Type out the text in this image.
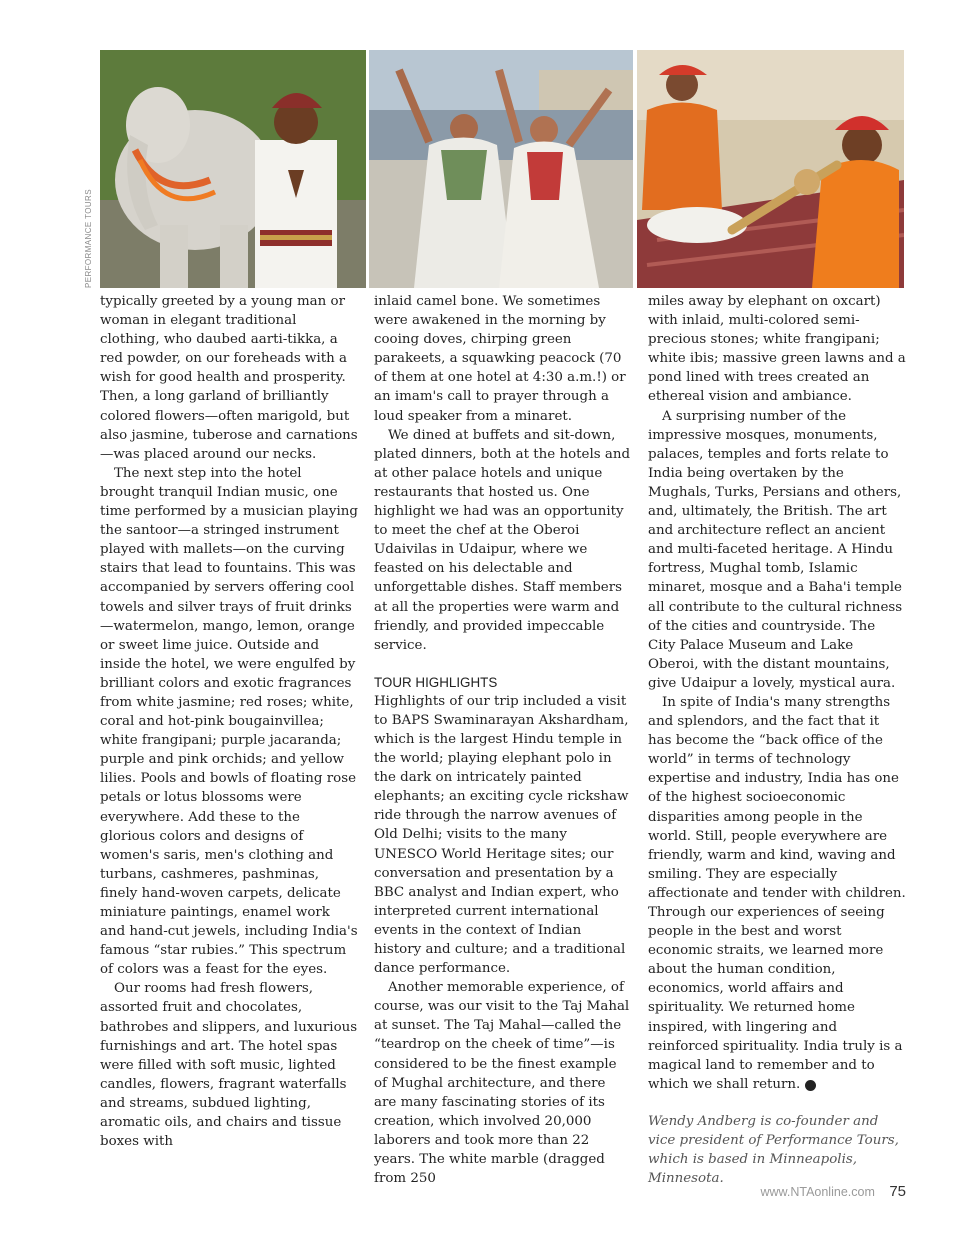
PERFORMANCE TOURS

typically greeted by a young man or woman in elegant traditional clothing, who daubed aarti-tikka, a red powder, on our foreheads with a wish for good health and prosperity. Then, a long garland of brilliantly colored flowers—often marigold, but also jasmine, tuberose and carnations—was placed around our necks.

The next step into the hotel brought tranquil Indian music, one time performed by a musician playing the santoor—a stringed instrument played with mallets—on the curving stairs that lead to fountains. This was accompanied by servers offering cool towels and silver trays of fruit drinks—watermelon, mango, lemon, orange or sweet lime juice. Outside and inside the hotel, we were engulfed by brilliant colors and exotic fragrances from white jasmine; red roses; white, coral and hot-pink bougainvillea; white frangipani; purple jacaranda; purple and pink orchids; and yellow lilies. Pools and bowls of floating rose petals or lotus blossoms were everywhere. Add these to the glorious colors and designs of women's saris, men's clothing and turbans, cashmeres, pashminas, finely hand-woven carpets, delicate miniature paintings, enamel work and hand-cut jewels, including India's famous “star rubies.” This spectrum of colors was a feast for the eyes.

Our rooms had fresh flowers, assorted fruit and chocolates, bathrobes and slippers, and luxurious furnishings and art. The hotel spas were filled with soft music, lighted candles, flowers, fragrant waterfalls and streams, subdued lighting, aromatic oils, and chairs and tissue boxes with

inlaid camel bone. We sometimes were awakened in the morning by cooing doves, chirping green parakeets, a squawking peacock (70 of them at one hotel at 4:30 a.m.!) or an imam's call to prayer through a loud speaker from a minaret.

We dined at buffets and sit-down, plated dinners, both at the hotels and at other palace hotels and unique restaurants that hosted us. One highlight we had was an opportunity to meet the chef at the Oberoi Udaivilas in Udaipur, where we feasted on his delectable and unforgettable dishes. Staff members at all the properties were warm and friendly, and provided impeccable service.

TOUR HIGHLIGHTS

Highlights of our trip included a visit to BAPS Swaminarayan Akshardham, which is the largest Hindu temple in the world; playing elephant polo in the dark on intricately painted elephants; an exciting cycle rickshaw ride through the narrow avenues of Old Delhi; visits to the many UNESCO World Heritage sites; our conversation and presentation by a BBC analyst and Indian expert, who interpreted current international events in the context of Indian history and culture; and a traditional dance performance.

Another memorable experience, of course, was our visit to the Taj Mahal at sunset. The Taj Mahal—called the “teardrop on the cheek of time”—is considered to be the finest example of Mughal architecture, and there are many fascinating stories of its creation, which involved 20,000 laborers and took more than 22 years. The white marble (dragged from 250

miles away by elephant on oxcart) with inlaid, multi-colored semi-precious stones; white frangipani; white ibis; massive green lawns and a pond lined with trees created an ethereal vision and ambiance.

A surprising number of the impressive mosques, monuments, palaces, temples and forts relate to India being overtaken by the Mughals, Turks, Persians and others, and, ultimately, the British. The art and architecture reflect an ancient and multi-faceted heritage. A Hindu fortress, Mughal tomb, Islamic minaret, mosque and a Baha'i temple all contribute to the cultural richness of the cities and countryside. The City Palace Museum and Lake Oberoi, with the distant mountains, give Udaipur a lovely, mystical aura.

In spite of India's many strengths and splendors, and the fact that it has become the “back office of the world” in terms of technology expertise and industry, India has one of the highest socioeconomic disparities among people in the world. Still, people everywhere are friendly, warm and kind, waving and smiling. They are especially affectionate and tender with children. Through our experiences of seeing people in the best and worst economic straits, we learned more about the human condition, economics, world affairs and spirituality. We returned home inspired, with lingering and reinforced spirituality. India truly is a magical land to remember and to which we shall return. C

Wendy Andberg is co-founder and vice president of Performance Tours, which is based in Minneapolis, Minnesota.

www.NTAonline.com 75
